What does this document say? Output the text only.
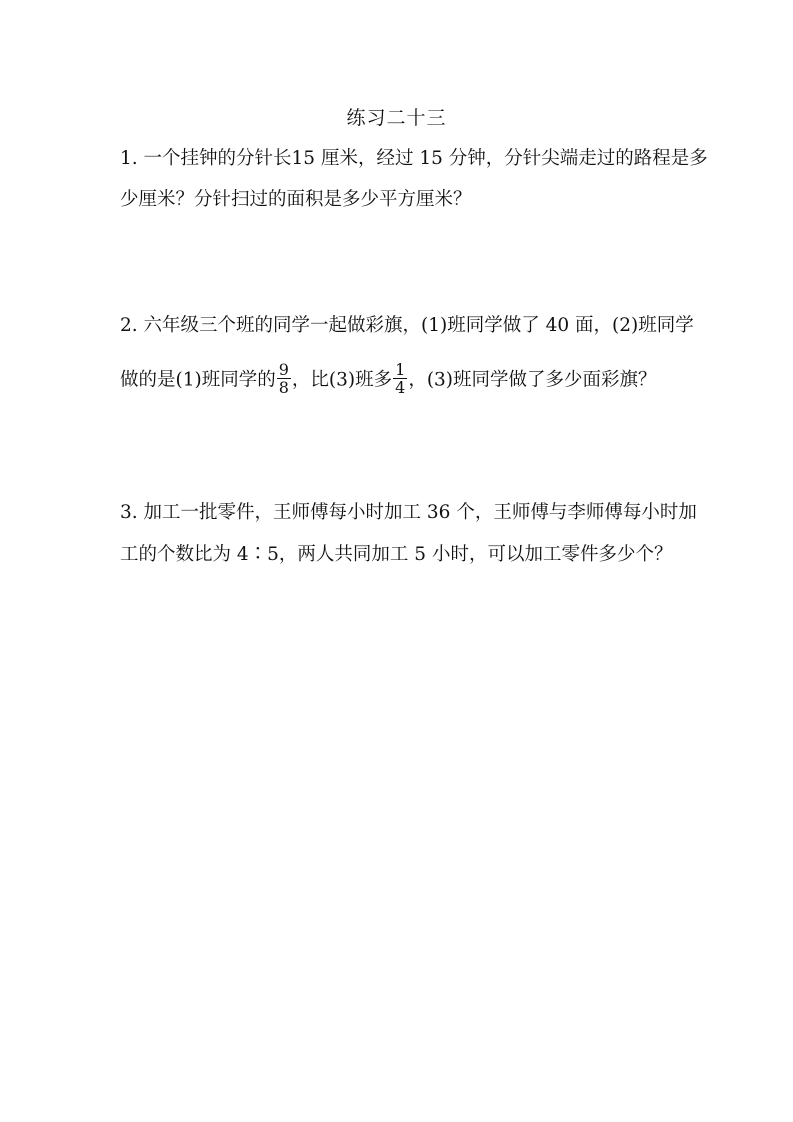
练习二十三
1. 一个挂钟的分针长15 厘米，经过 15 分钟，分针尖端走过的路程是多
少厘米？分针扫过的面积是多少平方厘米？
2. 六年级三个班的同学一起做彩旗，(1)班同学做了 40 面，(2)班同学
做的是(1)班同学的 $\frac{9}{8}$ ，比(3)班多 $\frac{1}{4}$ ，(3)班同学做了多少面彩旗？
3. 加工一批零件，王师傅每小时加工 36 个，王师傅与李师傅每小时加
工的个数比为 4∶5，两人共同加工 5 小时，可以加工零件多少个？
